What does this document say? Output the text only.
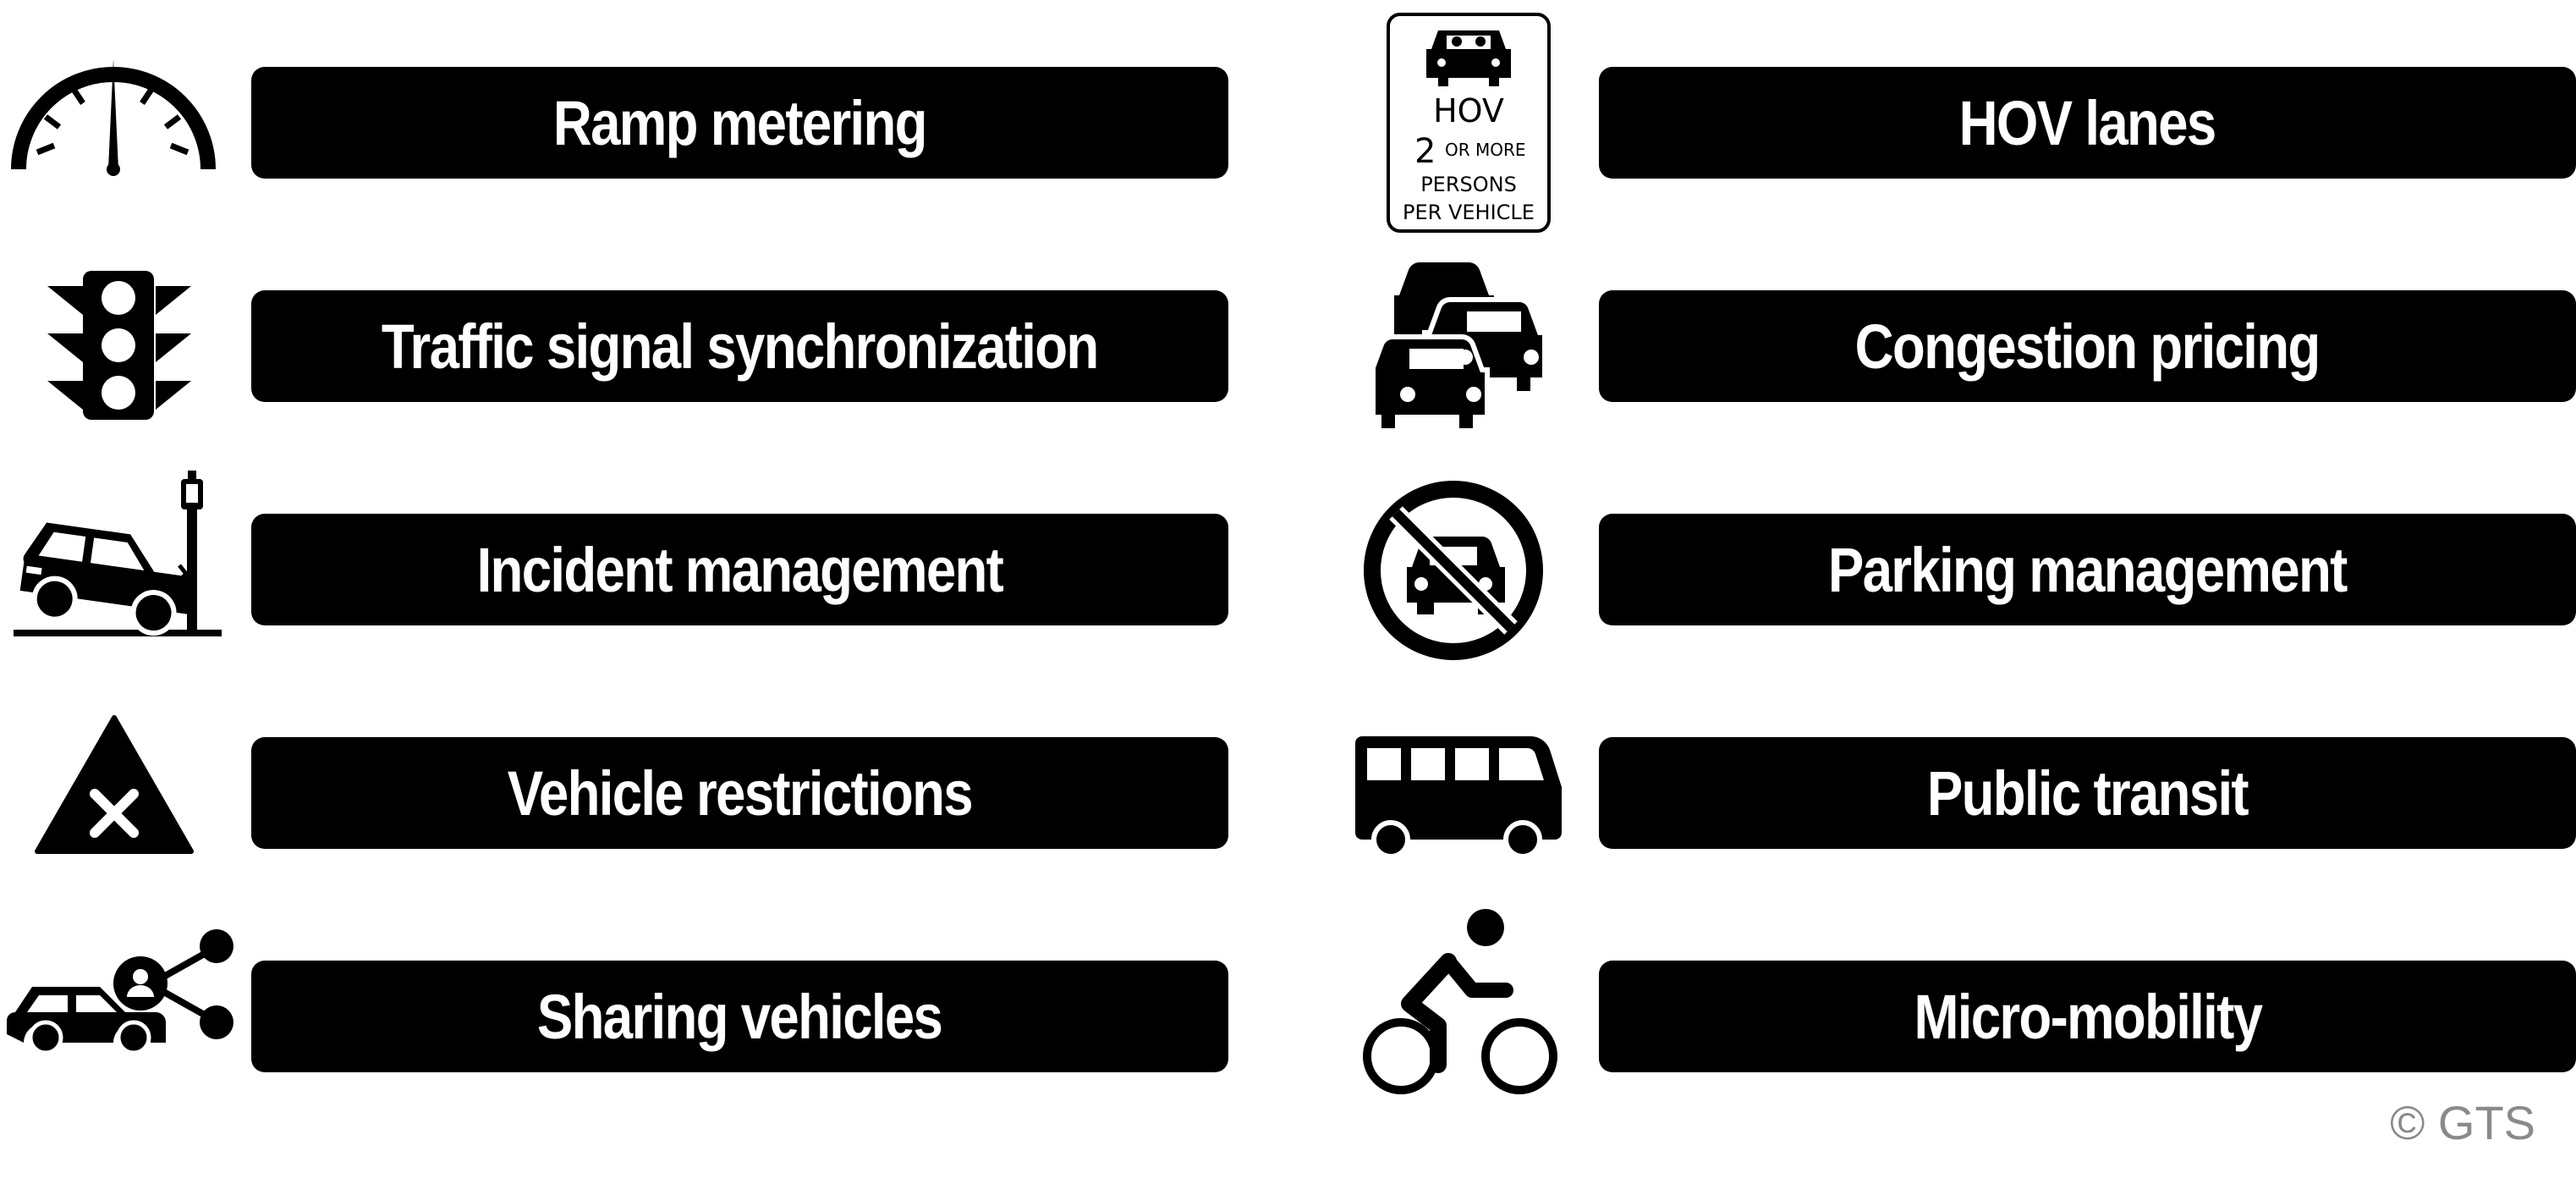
Ramp metering	HOV
2 OR MORE
PERSONS
PER VEHICLE
HOV lanes
Traffic signal synchronization	Congestion pricing
Incident management	Parking management
Vehicle restrictions	Public transit
Sharing vehicles	Micro-mobility
© GTS
